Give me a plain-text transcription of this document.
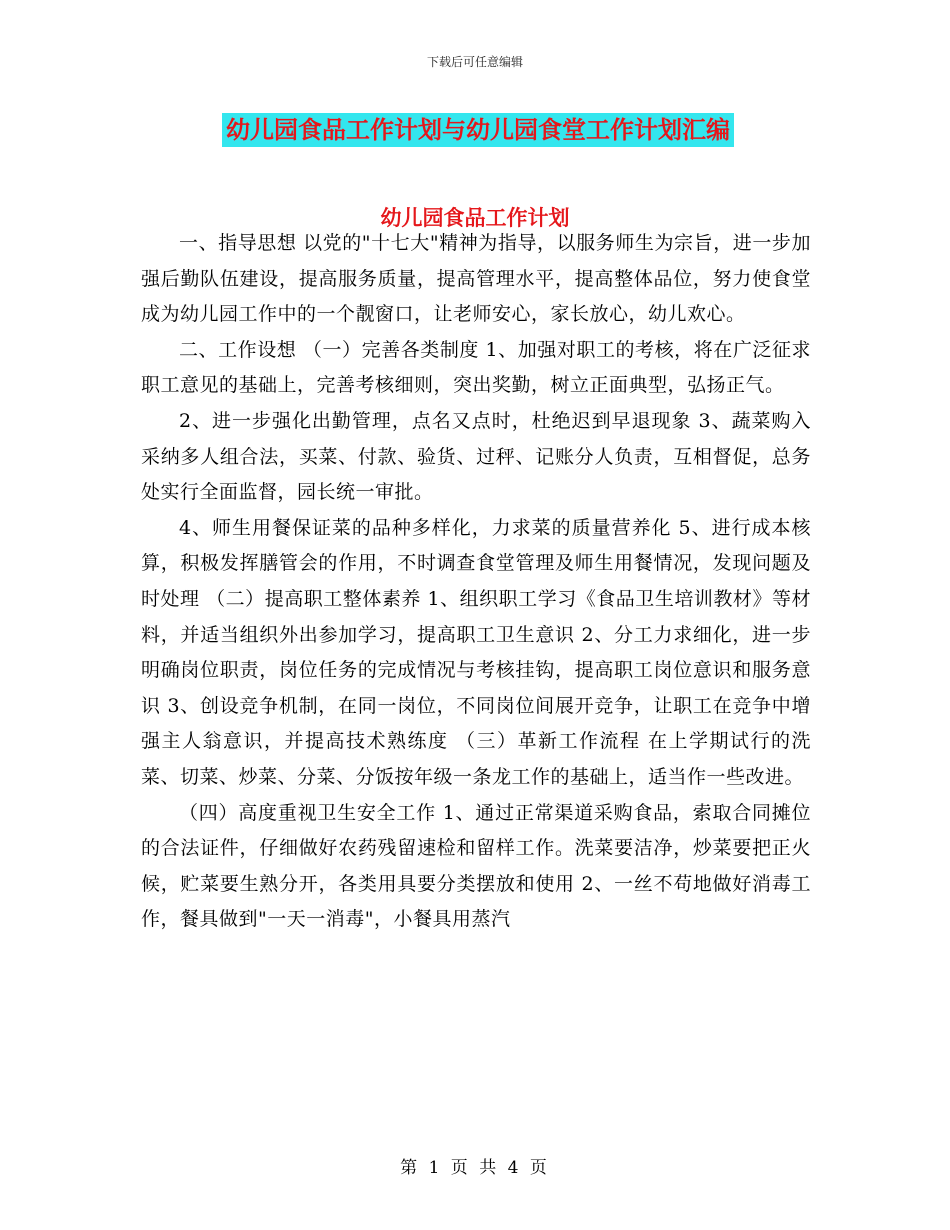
下载后可任意编辑
幼儿园食品工作计划与幼儿园食堂工作计划汇编
幼儿园食品工作计划

一、指导思想 以党的"十七大"精神为指导，以服务师生为宗旨，进一步加强后勤队伍建设，提高服务质量，提高管理水平，提高整体品位，努力使食堂成为幼儿园工作中的一个靓窗口，让老师安心，家长放心，幼儿欢心。

二、工作设想 （一）完善各类制度 1、加强对职工的考核，将在广泛征求职工意见的基础上，完善考核细则，突出奖勤，树立正面典型，弘扬正气。

2、进一步强化出勤管理，点名又点时，杜绝迟到早退现象 3、蔬菜购入采纳多人组合法，买菜、付款、验货、过秤、记账分人负责，互相督促，总务处实行全面监督，园长统一审批。

4、师生用餐保证菜的品种多样化，力求菜的质量营养化 5、进行成本核算，积极发挥膳管会的作用，不时调查食堂管理及师生用餐情况，发现问题及时处理 （二）提高职工整体素养 1、组织职工学习《食品卫生培训教材》等材料，并适当组织外出参加学习，提高职工卫生意识 2、分工力求细化，进一步明确岗位职责，岗位任务的完成情况与考核挂钩，提高职工岗位意识和服务意识 3、创设竞争机制，在同一岗位，不同岗位间展开竞争，让职工在竞争中增强主人翁意识，并提高技术熟练度 （三）革新工作流程 在上学期试行的洗菜、切菜、炒菜、分菜、分饭按年级一条龙工作的基础上，适当作一些改进。

（四）高度重视卫生安全工作 1、通过正常渠道采购食品，索取合同摊位的合法证件，仔细做好农药残留速检和留样工作。洗菜要洁净，炒菜要把正火候，贮菜要生熟分开，各类用具要分类摆放和使用 2、一丝不苟地做好消毒工作，餐具做到"一天一消毒"，小餐具用蒸汽

第 1 页 共 4 页
